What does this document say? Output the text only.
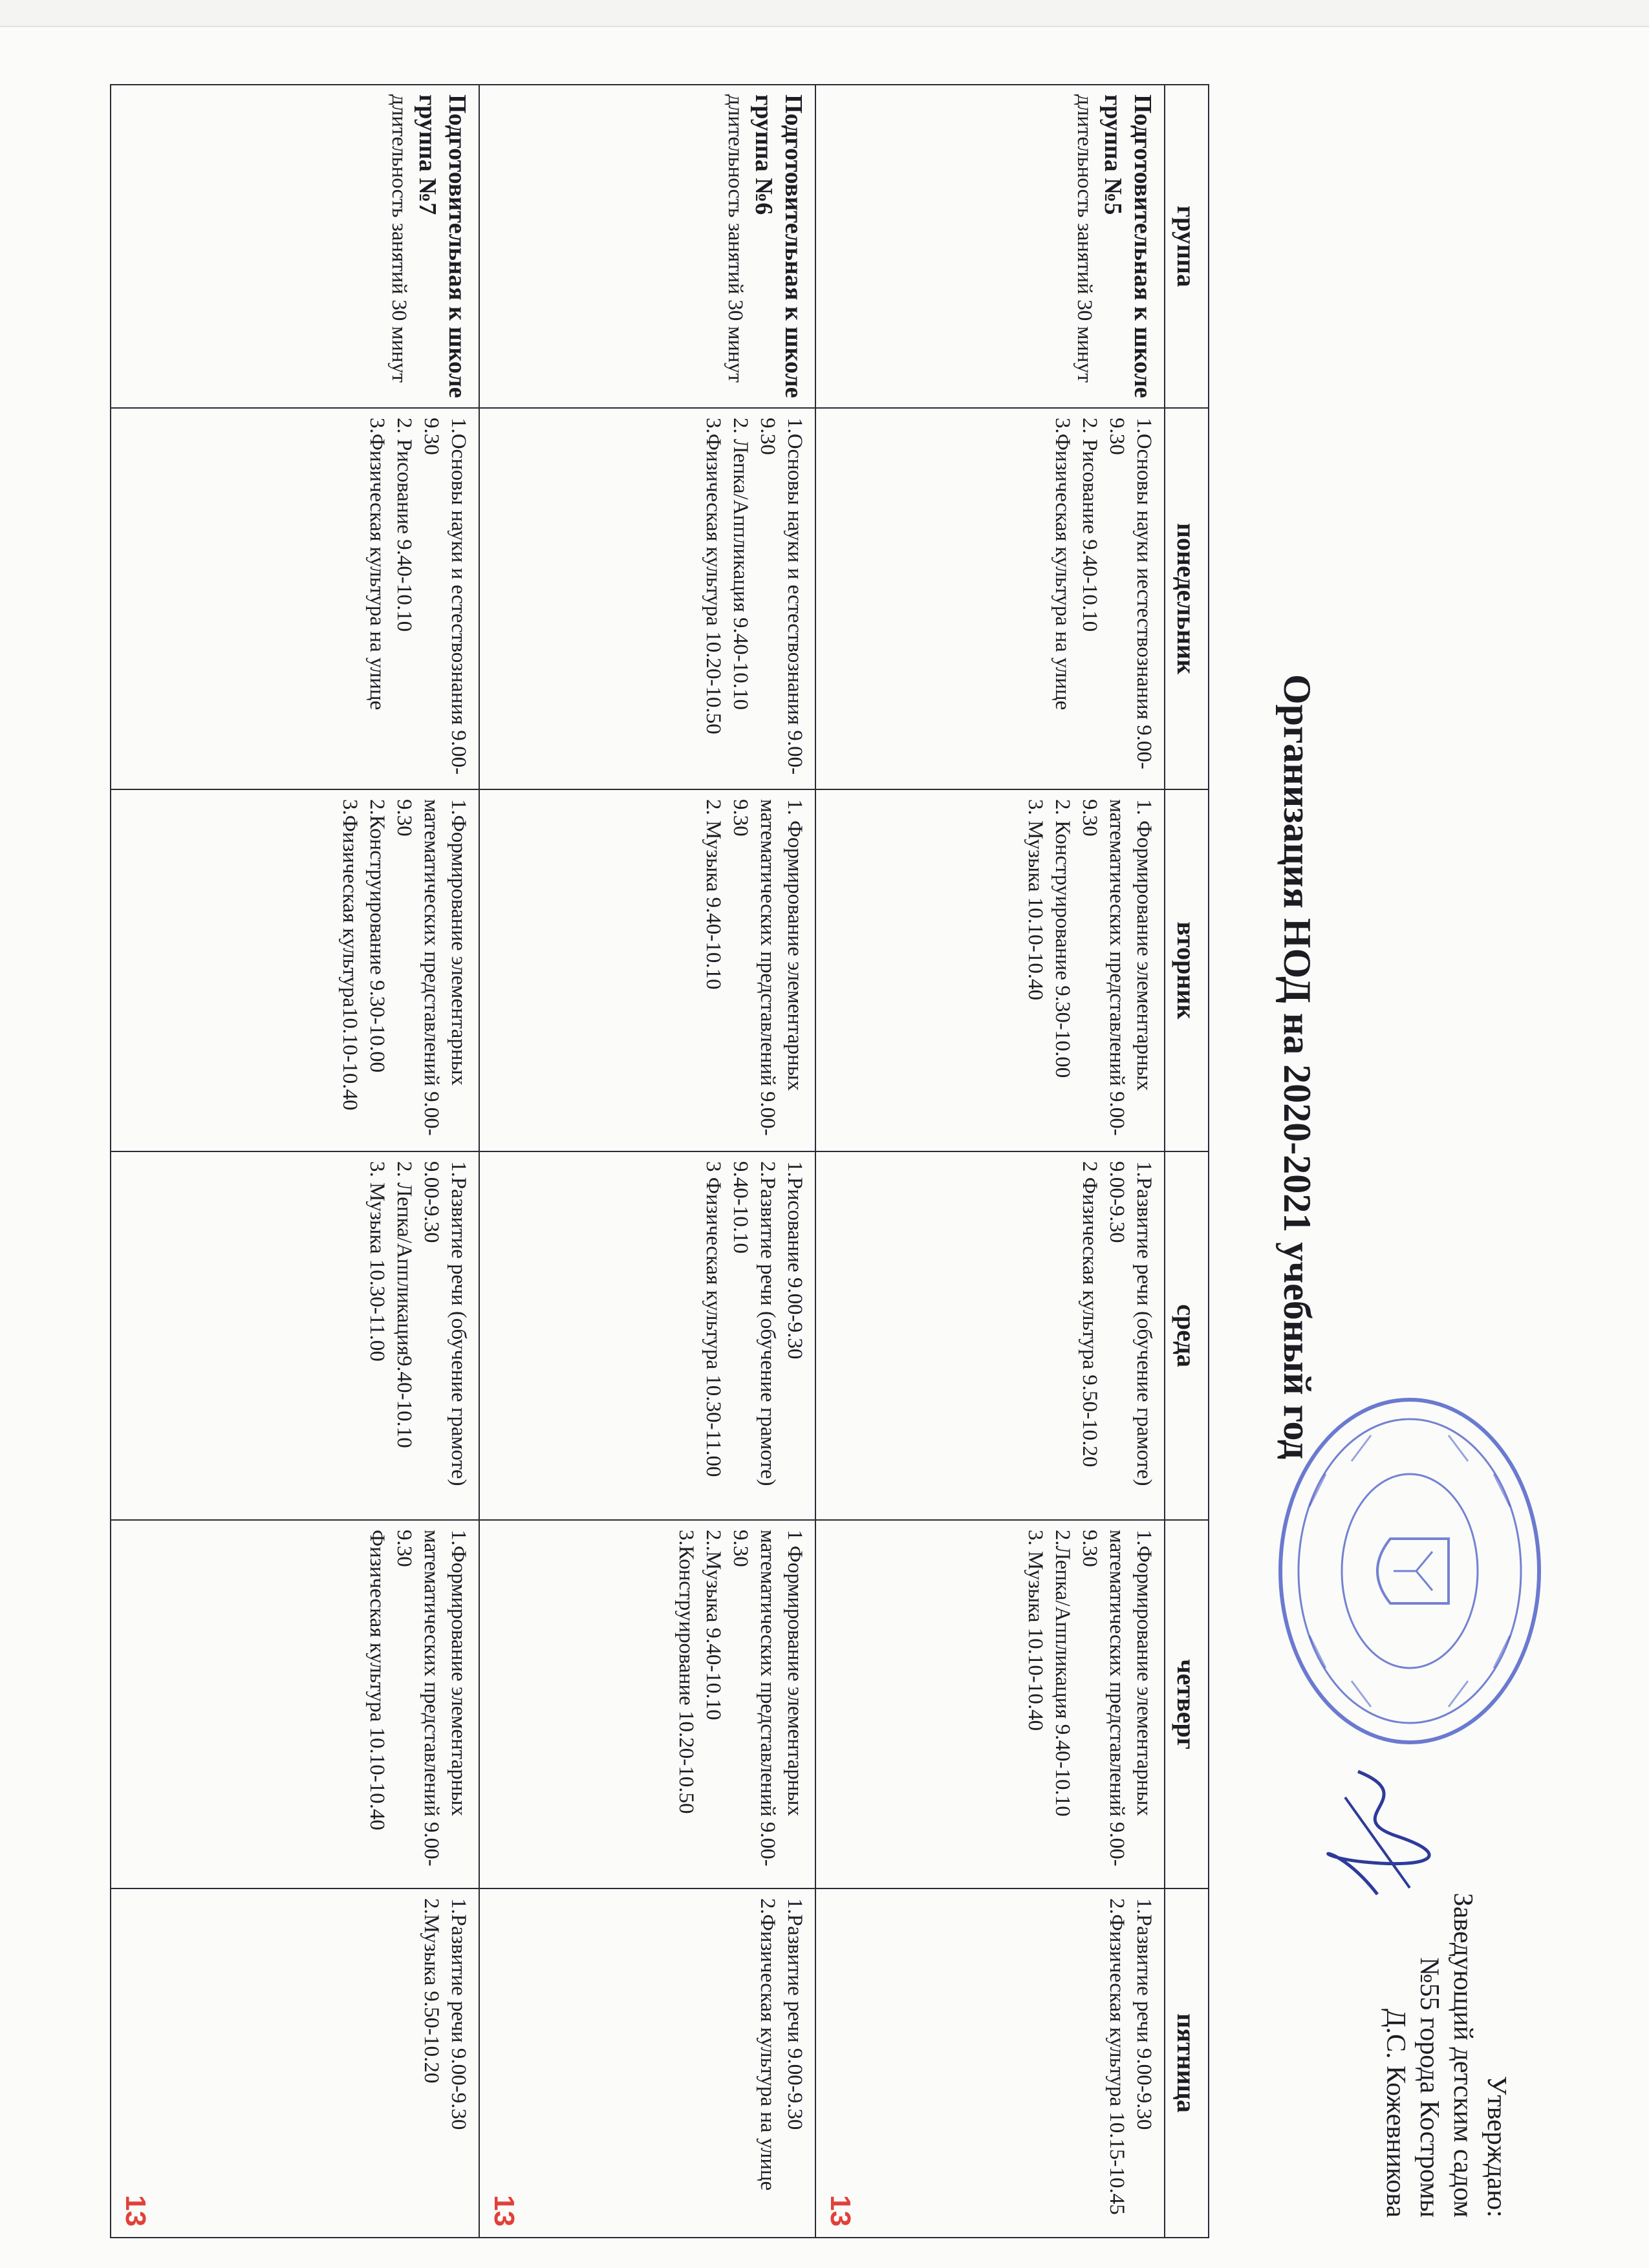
Утверждаю:
Заведующий детским садом
№55 города Костромы
Д.С. Кожевникова
Организация НОД на 2020-2021 учебный год
группа	понедельник	вторник	среда	четверг	пятница
Подготовительная к школе группа №5
длительность занятий 30 минут	1.Основы науки иестествознания 9.00-9.30
2. Рисование 9.40-10.10
3.Физическая культура на улице	1. Формирование элементарных математических представлений 9.00-9.30
2. Конструирование 9.30-10.00
3. Музыка 10.10-10.40	1.Развитие речи (обучение грамоте) 9.00-9.30
2 Физическая культура 9.50-10.20	1.Формирование элементарных математических представлений 9.00-9.30
2.Лепка/Аппликация 9.40-10.10
3. Музыка 10.10-10.40	1.Развитие речи 9.00-9.30
2.Физическая культура 10.15-10.45
13

Подготовительная к школе группа №6
длительность занятий 30 минут	1.Основы науки и естествознания 9.00-9.30
2. Лепка/Аппликация 9.40-10.10
3.Физическая культура 10.20-10.50	1. Формирование элементарных математических представлений 9.00-9.30
2. Музыка 9.40-10.10	1.Рисование 9.00-9.30
2.Развитие речи (обучение грамоте) 9.40-10.10
3 Физическая культура 10.30-11.00	1 Формирование элементарных математических представлений 9.00-9.30
2..Музыка 9.40-10.10
3.Конструирование 10.20-10.50	1.Развитие речи 9.00-9.30
2.Физическая культура на улице
13

Подготовительная к школе группа №7
длительность занятий 30 минут	1.Основы науки и естествознания 9.00-9.30
2. Рисование 9.40-10.10
3.Физическая культура на улице	1.Формирование элементарных математических представлений 9.00-9.30
2.Конструирование 9.30-10.00
3.Физическая культура10.10-10.40	1.Развитие речи (обучение грамоте) 9.00-9.30
2. Лепка/Аппликация9.40-10.10
3. Музыка 10.30-11.00	1.Формирование элементарных математических представлений 9.00-9.30
Физическая культура 10.10-10.40	1.Развитие речи 9.00-9.30
2.Музыка 9.50-10.20
13
